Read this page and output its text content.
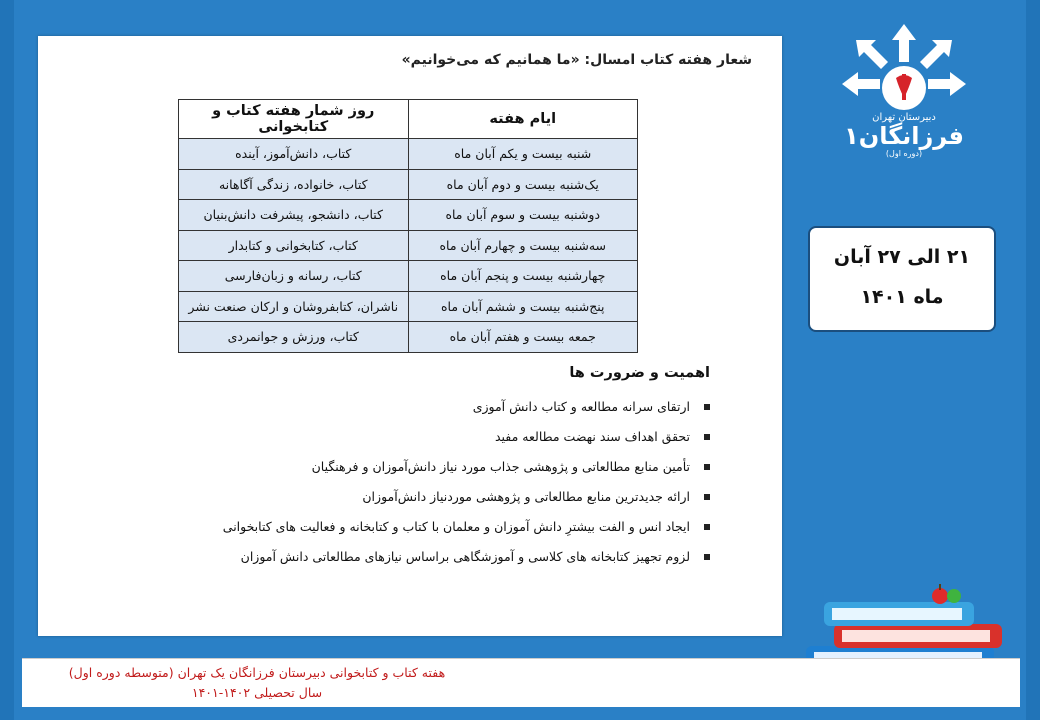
شعار هفته کتاب امسال: «ما همانیم که می‌خوانیم»
ایام هفته	روز شمار هفته کتاب و کتابخوانی
شنبه بیست و یکم آبان ماه	کتاب، دانش‌آموز، آینده
یک‌شنبه بیست و دوم آبان ماه	کتاب، خانواده، زندگی آگاهانه
دوشنبه بیست و سوم آبان ماه	کتاب، دانشجو، پیشرفت دانش‌بنیان
سه‌شنبه بیست و چهارم آبان ماه	کتاب، کتابخوانی و کتابدار
چهارشنبه بیست و پنجم آبان ماه	کتاب، رسانه و زبان‌فارسی
پنج‌شنبه بیست و ششم آبان ماه	ناشران، کتابفروشان و ارکان صنعت نشر
جمعه بیست و هفتم آبان ماه	کتاب، ورزش و جوانمردی
اهمیت و ضرورت ها
ارتقای سرانه مطالعه و کتاب دانش آموزی
تحقق اهداف سند نهضت مطالعه مفید
تأمین منابع مطالعاتی و پژوهشی جذاب مورد نیاز دانش‌آموزان و فرهنگیان
ارائه جدیدترین منابع مطالعاتی و پژوهشی موردنیاز دانش‌آموزان
ایجاد انس و الفت بیشترِ دانش آموزان و معلمان با کتاب و کتابخانه و فعالیت های کتابخوانی
لزوم تجهیز کتابخانه های کلاسی و آموزشگاهی براساس نیازهای مطالعاتی دانش آموزان
دبیرستان تهران
فرزانگان۱
(دوره اول)
۲۱ الی ۲۷ آبان
ماه ۱۴۰۱
هفته کتاب و کتابخوانی دبیرستان فرزانگان یک تهران (متوسطه دوره اول)
سال تحصیلی ۱۴۰۲-۱۴۰۱
